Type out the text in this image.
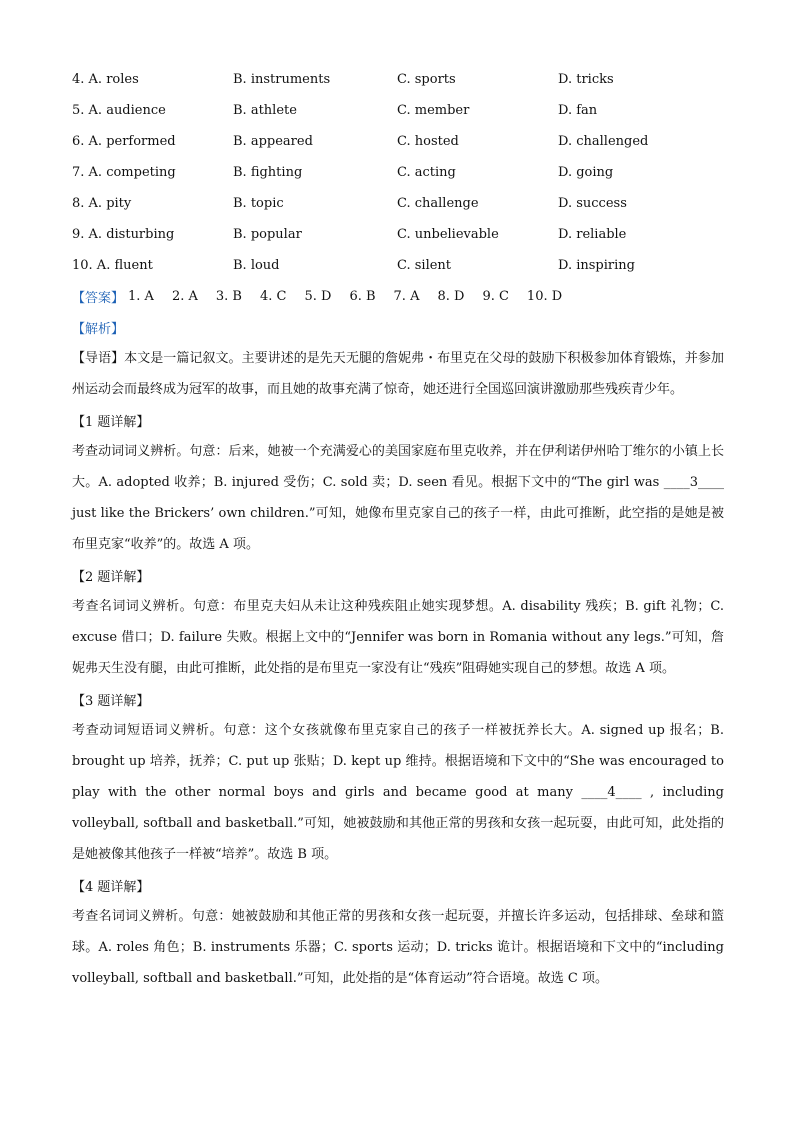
4. A. roles	B. instruments	C. sports	D. tricks
5. A. audience	B. athlete	C. member	D. fan
6. A. performed	B. appeared	C. hosted	D. challenged
7. A. competing	B. fighting	C. acting	D. going
8. A. pity	B. topic	C. challenge	D. success
9. A. disturbing	B. popular	C. unbelievable	D. reliable
10. A. fluent	B. loud	C. silent	D. inspiring
【答案】 1. A 2. A 3. B 4. C 5. D 6. B 7. A 8. D 9. C 10. D
【解析】
【导语】本文是一篇记叙文。主要讲述的是先天无腿的詹妮弗・布里克在父母的鼓励下积极参加体育锻炼，并参加州运动会而最终成为冠军的故事，而且她的故事充满了惊奇，她还进行全国巡回演讲激励那些残疾青少年。
【1 题详解】
考查动词词义辨析。句意：后来，她被一个充满爱心的美国家庭布里克收养，并在伊利诺伊州哈丁维尔的小镇上长大。A. adopted 收养；B. injured 受伤；C. sold 卖；D. seen 看见。根据下文中的“The girl was ____3____ just like the Brickers’ own children.”可知，她像布里克家自己的孩子一样，由此可推断，此空指的是她是被布里克家“收养”的。故选 A 项。
【2 题详解】
考查名词词义辨析。句意：布里克夫妇从未让这种残疾阻止她实现梦想。A. disability 残疾；B. gift 礼物；C. excuse 借口；D. failure 失败。根据上文中的“Jennifer was born in Romania without any legs.”可知，詹妮弗天生没有腿，由此可推断，此处指的是布里克一家没有让“残疾”阻碍她实现自己的梦想。故选 A 项。
【3 题详解】
考查动词短语词义辨析。句意：这个女孩就像布里克家自己的孩子一样被抚养长大。A. signed up 报名；B. brought up 培养，抚养；C. put up 张贴；D. kept up 维持。根据语境和下文中的“She was encouraged to play with the other normal boys and girls and became good at many ____4____ , including volleyball, softball and basketball.”可知，她被鼓励和其他正常的男孩和女孩一起玩耍，由此可知，此处指的是她被像其他孩子一样被“培养”。故选 B 项。
【4 题详解】
考查名词词义辨析。句意：她被鼓励和其他正常的男孩和女孩一起玩耍，并擅长许多运动，包括排球、垒球和篮球。A. roles 角色；B. instruments 乐器；C. sports 运动；D. tricks 诡计。根据语境和下文中的“including volleyball, softball and basketball.”可知，此处指的是“体育运动”符合语境。故选 C 项。
